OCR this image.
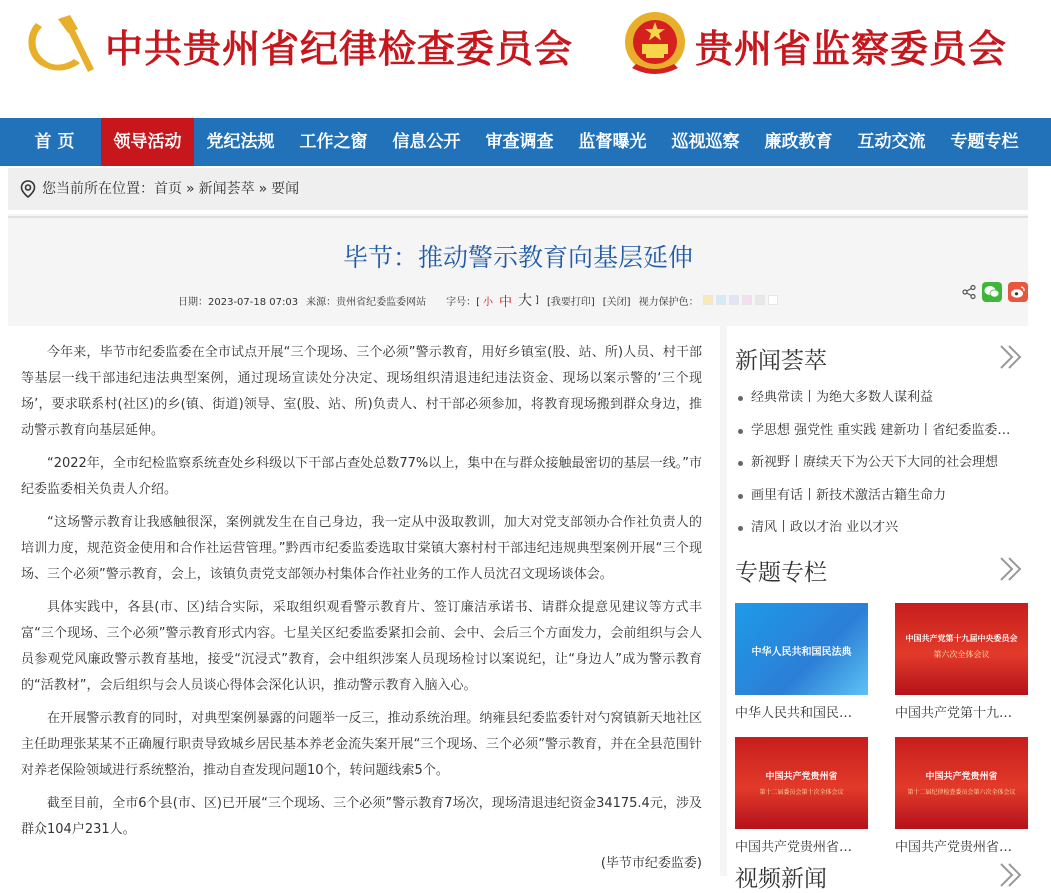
中共贵州省纪律检查委员会	贵州省监察委员会
首 页	领导活动	党纪法规	工作之窗	信息公开	审查调查	监督曝光	巡视巡察	廉政教育	互动交流	专题专栏
您当前所在位置： 首页 » 新闻荟萃 » 要闻
毕节：推动警示教育向基层延伸
日期：2023-07-18 07:03 来源：贵州省纪委监委网站 字号：[ 小 中 大 ] [我要打印] [关闭] 视力保护色：

今年来，毕节市纪委监委在全市试点开展“三个现场、三个必须”警示教育，用好乡镇室(股、站、所)人员、村干部等基层一线干部违纪违法典型案例，通过现场宣读处分决定、现场组织清退违纪违法资金、现场以案示警的‘三个现场’，要求联系村(社区)的乡(镇、街道)领导、室(股、站、所)负责人、村干部必须参加，将教育现场搬到群众身边，推动警示教育向基层延伸。

“2022年，全市纪检监察系统查处乡科级以下干部占查处总数77%以上，集中在与群众接触最密切的基层一线。”市纪委监委相关负责人介绍。

“这场警示教育让我感触很深，案例就发生在自己身边，我一定从中汲取教训，加大对党支部领办合作社负责人的培训力度，规范资金使用和合作社运营管理。”黔西市纪委监委选取甘棠镇大寨村村干部违纪违规典型案例开展“三个现场、三个必须”警示教育，会上，该镇负责党支部领办村集体合作社业务的工作人员沈召文现场谈体会。

具体实践中，各县(市、区)结合实际，采取组织观看警示教育片、签订廉洁承诺书、请群众提意见建议等方式丰富“三个现场、三个必须”警示教育形式内容。七星关区纪委监委紧扣会前、会中、会后三个方面发力，会前组织与会人员参观党风廉政警示教育基地，接受“沉浸式”教育，会中组织涉案人员现场检讨以案说纪，让“身边人”成为警示教育的“活教材”，会后组织与会人员谈心得体会深化认识，推动警示教育入脑入心。

在开展警示教育的同时，对典型案例暴露的问题举一反三，推动系统治理。纳雍县纪委监委针对勺窝镇新天地社区主任助理张某某不正确履行职责导致城乡居民基本养老金流失案开展“三个现场、三个必须”警示教育，并在全县范围针对养老保险领域进行系统整治，推动自查发现问题10个，转问题线索5个。

截至目前，全市6个县(市、区)已开展“三个现场、三个必须”警示教育7场次，现场清退违纪资金34175.4元，涉及群众104户231人。

(毕节市纪委监委)

新闻荟萃
经典常读丨为绝大多数人谋利益
学思想 强党性 重实践 建新功丨省纪委监委…
新视野丨赓续天下为公天下大同的社会理想
画里有话丨新技术激活古籍生命力
清风丨政以才治 业以才兴
专题专栏
中华人民共和国民法典
中华人民共和国民…
中国共产党第十九届中央委员会
第六次全体会议
中国共产党第十九…
中国共产党贵州省
第十二届委员会第十次全体会议
中国共产党贵州省…
中国共产党贵州省
第十二届纪律检查委员会第六次全体会议
中国共产党贵州省…
视频新闻
